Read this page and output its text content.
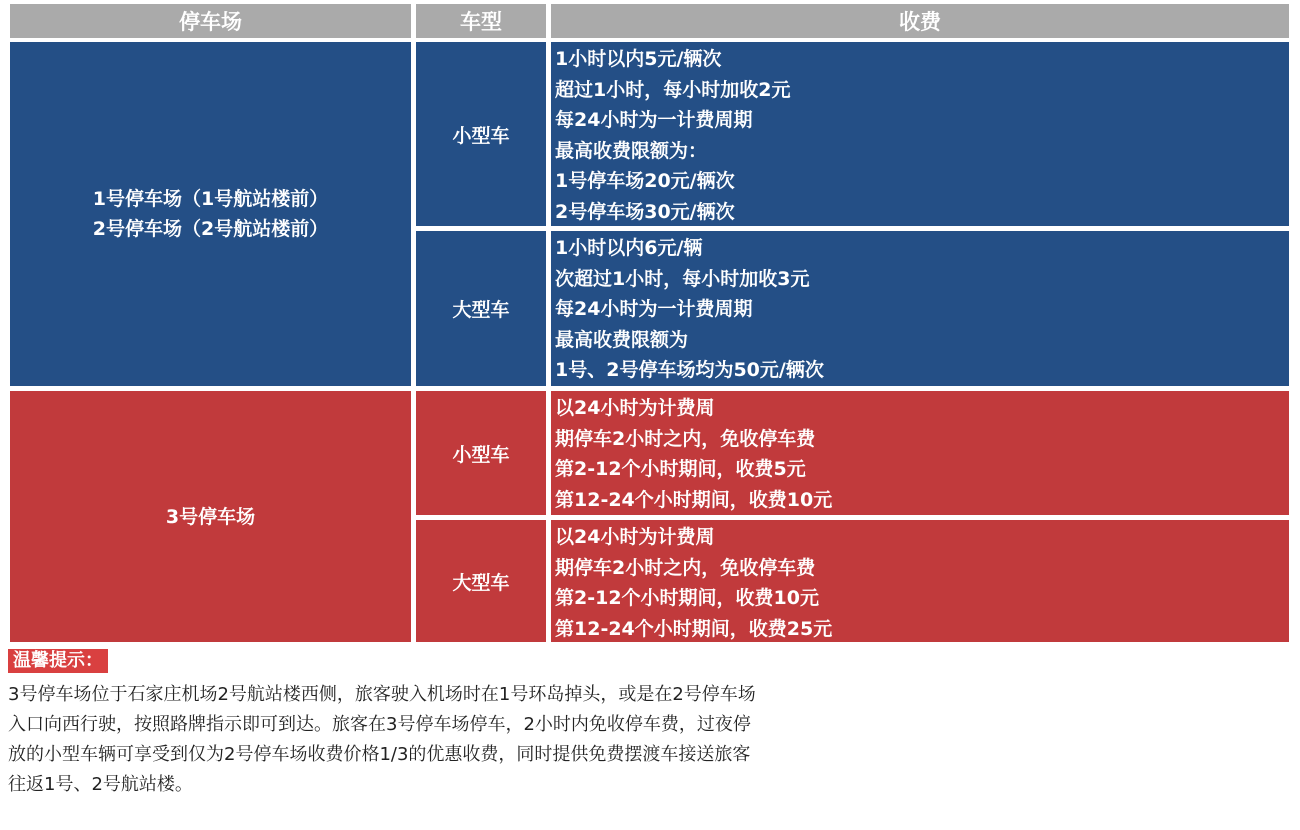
停车场	车型	收费
1号停车场（1号航站楼前）
2号停车场（2号航站楼前）
小型车
1小时以内5元/辆次
超过1小时，每小时加收2元
每24小时为一计费周期
最高收费限额为：
1号停车场20元/辆次
2号停车场30元/辆次
大型车
1小时以内6元/辆
次超过1小时，每小时加收3元
每24小时为一计费周期
最高收费限额为
1号、2号停车场均为50元/辆次
3号停车场
小型车
以24小时为计费周
期停车2小时之内，免收停车费
第2-12个小时期间，收费5元
第12-24个小时期间，收费10元
大型车
以24小时为计费周
期停车2小时之内，免收停车费
第2-12个小时期间，收费10元
第12-24个小时期间，收费25元
温馨提示：
3号停车场位于石家庄机场2号航站楼西侧，旅客驶入机场时在1号环岛掉头，或是在2号停车场
入口向西行驶，按照路牌指示即可到达。旅客在3号停车场停车，2小时内免收停车费，过夜停
放的小型车辆可享受到仅为2号停车场收费价格1/3的优惠收费，同时提供免费摆渡车接送旅客
往返1号、2号航站楼。
